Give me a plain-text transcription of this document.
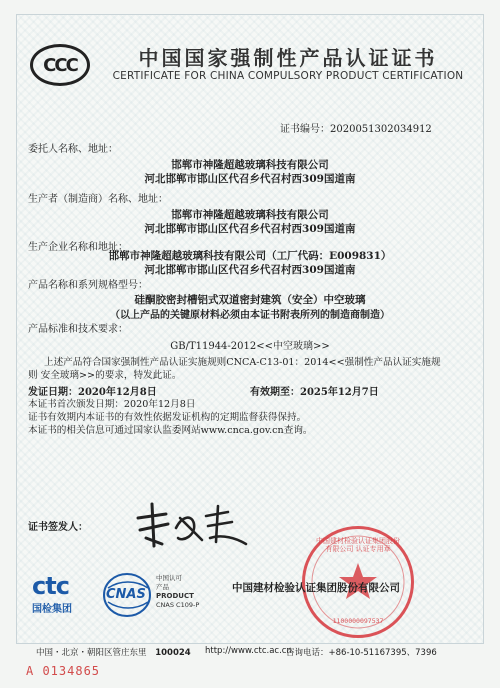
CCC	中国国家强制性产品认证证书
CERTIFICATE FOR CHINA COMPULSORY PRODUCT CERTIFICATION
证书编号：2020051302034912
委托人名称、地址：
邯郸市神隆超越玻璃科技有限公司
河北邯郸市邯山区代召乡代召村西309国道南
生产者（制造商）名称、地址：
邯郸市神隆超越玻璃科技有限公司
河北邯郸市邯山区代召乡代召村西309国道南
生产企业名称和地址：
邯郸市神隆超越玻璃科技有限公司（工厂代码：E009831）
河北邯郸市邯山区代召乡代召村西309国道南
产品名称和系列规格型号：
硅酮胶密封槽铝式双道密封建筑（安全）中空玻璃
（以上产品的关键原材料必须由本证书附表所列的制造商制造）
产品标准和技术要求：
GB/T11944-2012<<中空玻璃>>
上述产品符合国家强制性产品认证实施规则CNCA-C13-01：2014<<强制性产品认证实施规
则 安全玻璃>>的要求，特发此证。
发证日期：2020年12月8日	有效期至：2025年12月7日
本证书首次颁发日期：2020年12月8日
证书有效期内本证书的有效性依据发证机构的定期监督获得保持。
本证书的相关信息可通过国家认监委网站www.cnca.gov.cn查询。
证书签发人：
ctc
国检集团
CNAS
中国认可
产品
PRODUCT
CNAS C109-P
中国建材检验认证集团股份有限公司 认证专用章
1100000097537
中国建材检验认证集团股份有限公司
中国・北京・朝阳区管庄东里 100024 http://www.ctc.ac.cn
咨询电话：+86-10-51167395、7396
A 0134865
